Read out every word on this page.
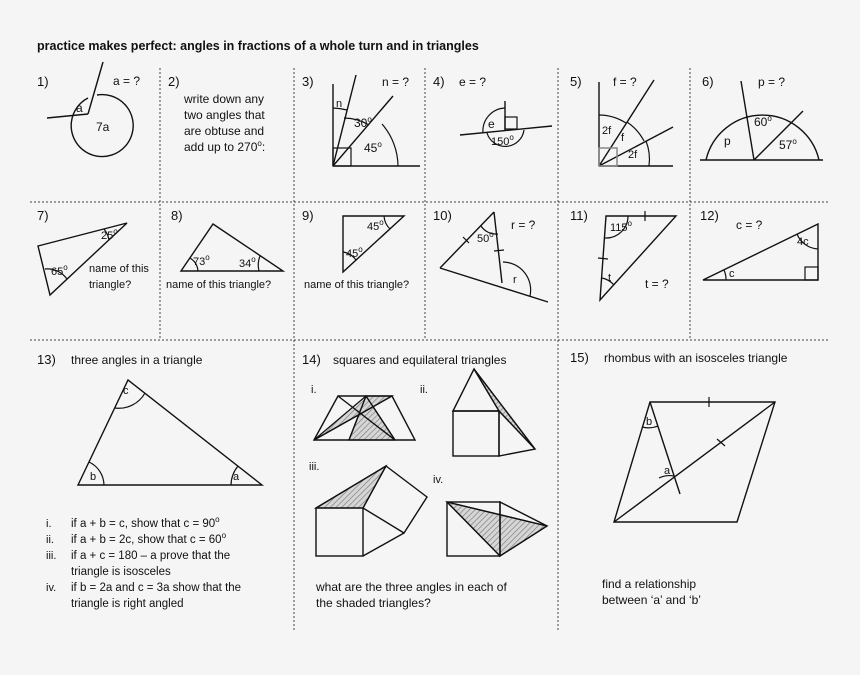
practice makes perfect: angles in fractions of a whole turn and in triangles
1)	a = ?
a
7a
2)
write down any
two angles that
are obtuse and
add up to 270$^o$:
3)	n = ?
n
30$^o$
45$^o$
4) e = ?
e
150$^o$
5)	f = ?
2f
f
2f
6)	p = ?
p
60$^o$
57$^o$
7)
25$^o$
65$^o$ name of this
triangle?
8)
73$^o$
34$^o$
name of this triangle?
9)
45$^o$
45$^o$
name of this triangle?
10)
r = ?
50$^o$
r
11)
115$^o$
t	t = ?
12)
c = ?
4c
c
13) three angles in a triangle
c
b	a
i. if a + b = c, show that $c = 90^o$
ii. if a + b = 2c, show that $c = 60^o$
iii. if a + c = 180 – a prove that the
triangle is isosceles
iv. if b = 2a and c = 3a show that the
triangle is right angled
14) squares and equilateral triangles
i.	ii.
iii.
iv.
what are the three angles in each of
the shaded triangles?
15) rhombus with an isosceles triangle
b
a
find a relationship
between ‘a’ and ‘b’
